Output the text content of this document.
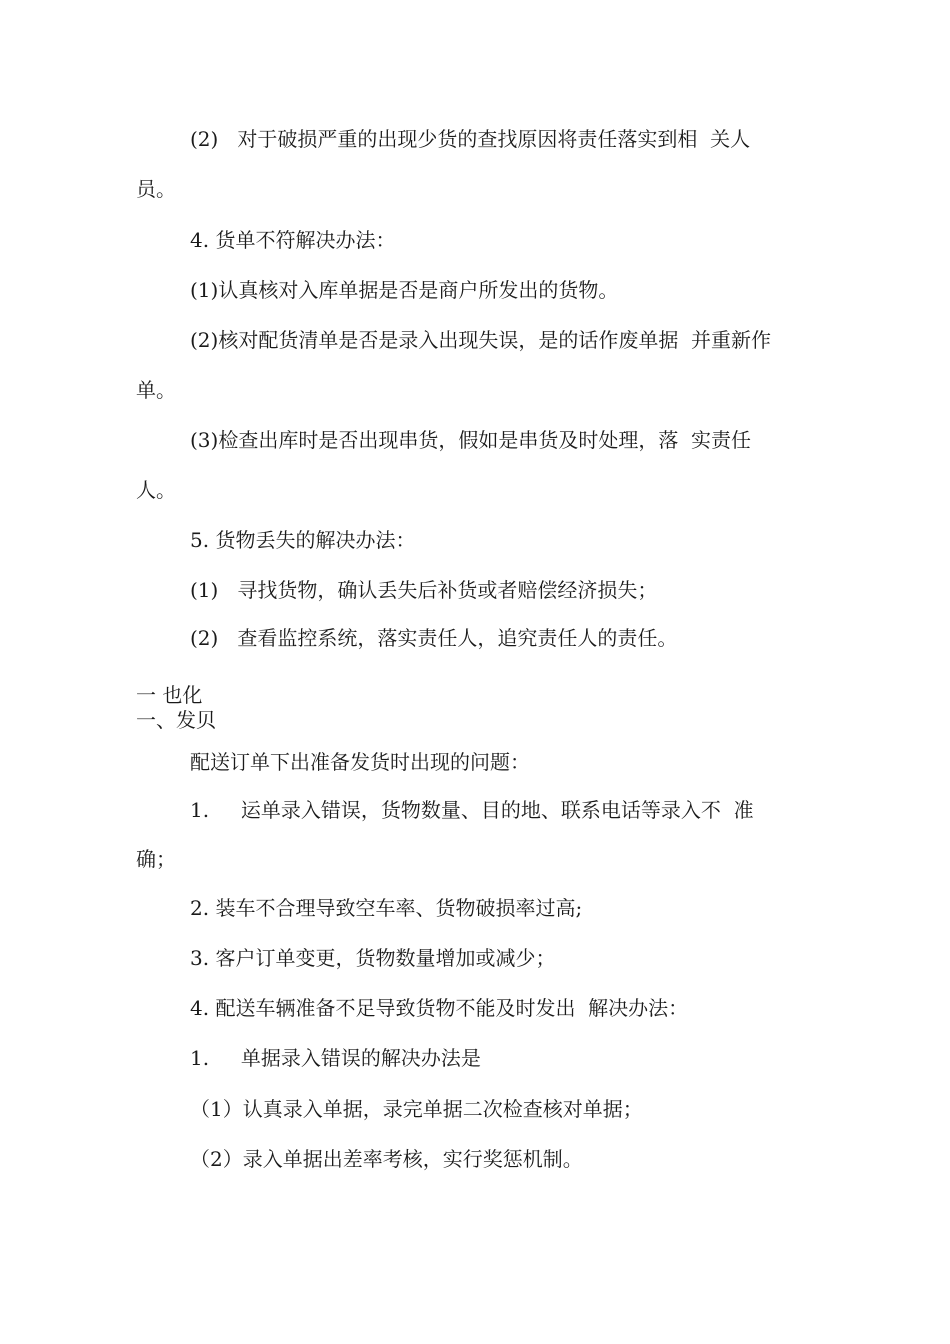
(2)   对于破损严重的出现少货的查找原因将责任落实到相  关人

员。

4. 货单不符解决办法：

(1)认真核对入库单据是否是商户所发出的货物。

(2)核对配货清单是否是录入出现失误，是的话作废单据  并重新作

单。

(3)检查出库时是否出现串货，假如是串货及时处理，落  实责任

人。

5. 货物丢失的解决办法：

(1)   寻找货物，确认丢失后补货或者赔偿经济损失；

(2)   查看监控系统，落实责任人，追究责任人的责任。

一 也化

一、发贝

配送订单下出准备发货时出现的问题：

1.     运单录入错误，货物数量、目的地、联系电话等录入不  准

确；

2. 装车不合理导致空车率、货物破损率过高;

3. 客户订单变更，货物数量增加或减少；

4. 配送车辆准备不足导致货物不能及时发出  解决办法：

1.     单据录入错误的解决办法是

（1）认真录入单据，录完单据二次检查核对单据；

（2）录入单据出差率考核，实行奖惩机制。
